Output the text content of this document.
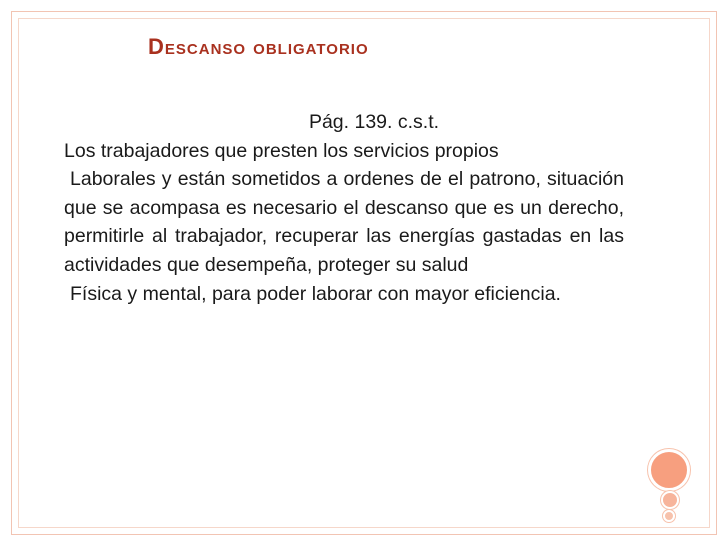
Descanso obligatorio

Pág. 139. c.s.t.

Los trabajadores que presten los servicios propios

Laborales y están sometidos a ordenes de el patrono, situación que se acompasa es necesario el descanso que es un derecho, permitirle al trabajador, recuperar las energías gastadas en las actividades que desempeña, proteger su salud

Física y mental, para poder laborar con mayor eficiencia.
